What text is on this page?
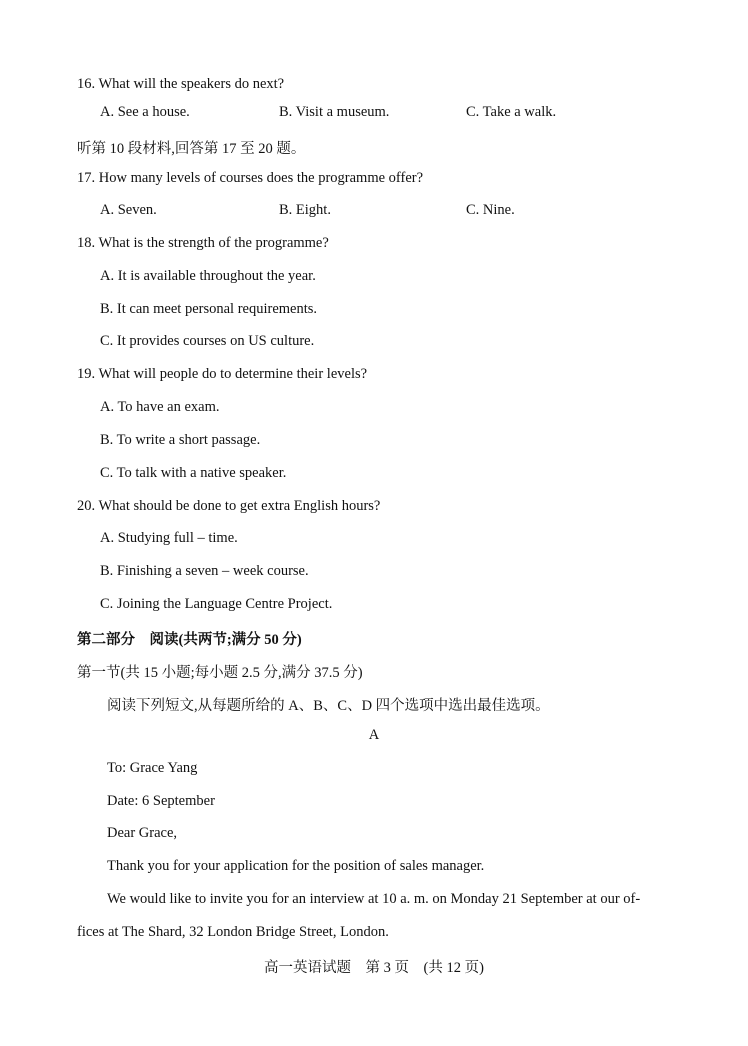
16. What will the speakers do next?
A. See a house.	B. Visit a museum.	C. Take a walk.
听第 10 段材料,回答第 17 至 20 题。
17. How many levels of courses does the programme offer?
A. Seven.	B. Eight.	C. Nine.
18. What is the strength of the programme?
A. It is available throughout the year.
B. It can meet personal requirements.
C. It provides courses on US culture.
19. What will people do to determine their levels?
A. To have an exam.
B. To write a short passage.
C. To talk with a native speaker.
20. What should be done to get extra English hours?
A. Studying full – time.
B. Finishing a seven – week course.
C. Joining the Language Centre Project.
第二部分　阅读(共两节;满分 50 分)
第一节(共 15 小题;每小题 2.5 分,满分 37.5 分)
阅读下列短文,从每题所给的 A、B、C、D 四个选项中选出最佳选项。
A
To: Grace Yang
Date: 6 September
Dear Grace,
Thank you for your application for the position of sales manager.
We would like to invite you for an interview at 10 a. m. on Monday 21 September at our of-
fices at The Shard, 32 London Bridge Street, London.
高一英语试题　第 3 页　(共 12 页)
